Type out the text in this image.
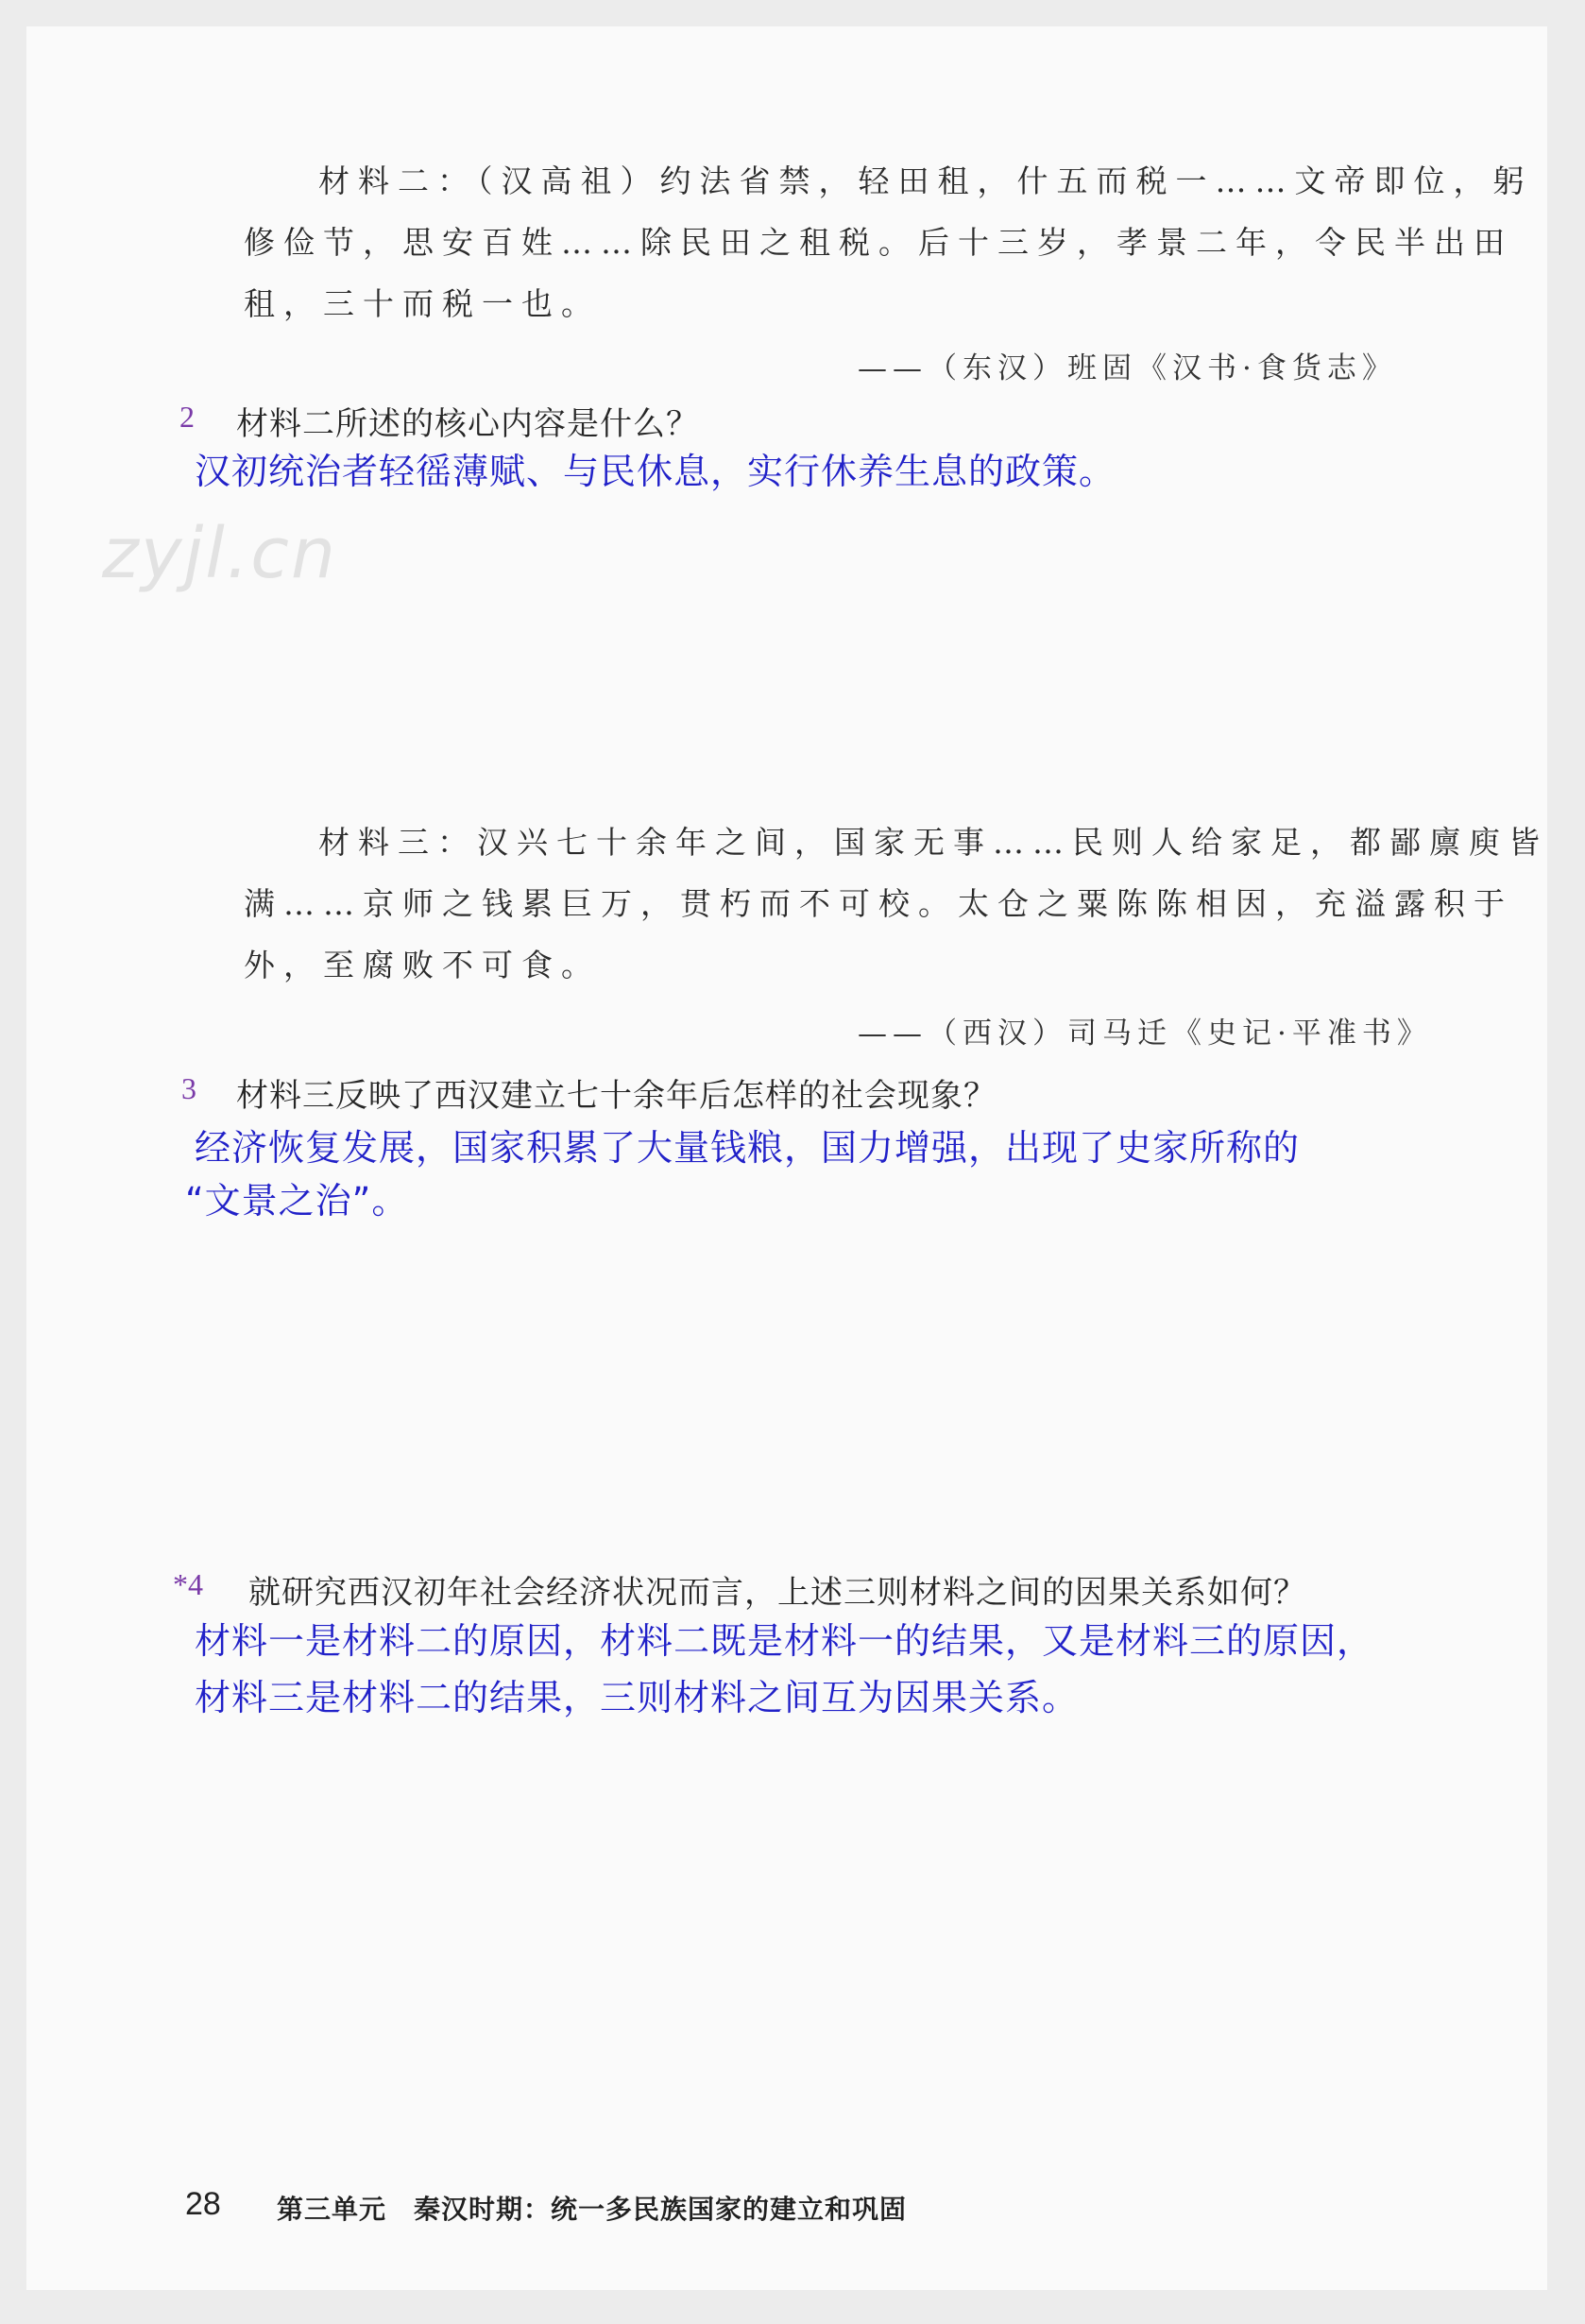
材料二：（汉高祖）约法省禁，轻田租，什五而税一……文帝即位，躬
修俭节，思安百姓……除民田之租税。后十三岁，孝景二年，令民半出田
租，三十而税一也。
——（东汉）班固《汉书·食货志》
2 材料二所述的核心内容是什么？
汉初统治者轻徭薄赋、与民休息，实行休养生息的政策。
zyjl.cn
材料三：汉兴七十余年之间，国家无事……民则人给家足，都鄙廪庾皆
满……京师之钱累巨万，贯朽而不可校。太仓之粟陈陈相因，充溢露积于
外，至腐败不可食。
——（西汉）司马迁《史记·平准书》
3 材料三反映了西汉建立七十余年后怎样的社会现象？
经济恢复发展，国家积累了大量钱粮，国力增强，出现了史家所称的
“文景之治”。
*4 就研究西汉初年社会经济状况而言，上述三则材料之间的因果关系如何？
材料一是材料二的原因，材料二既是材料一的结果，又是材料三的原因，
材料三是材料二的结果，三则材料之间互为因果关系。
28 第三单元　秦汉时期：统一多民族国家的建立和巩固
